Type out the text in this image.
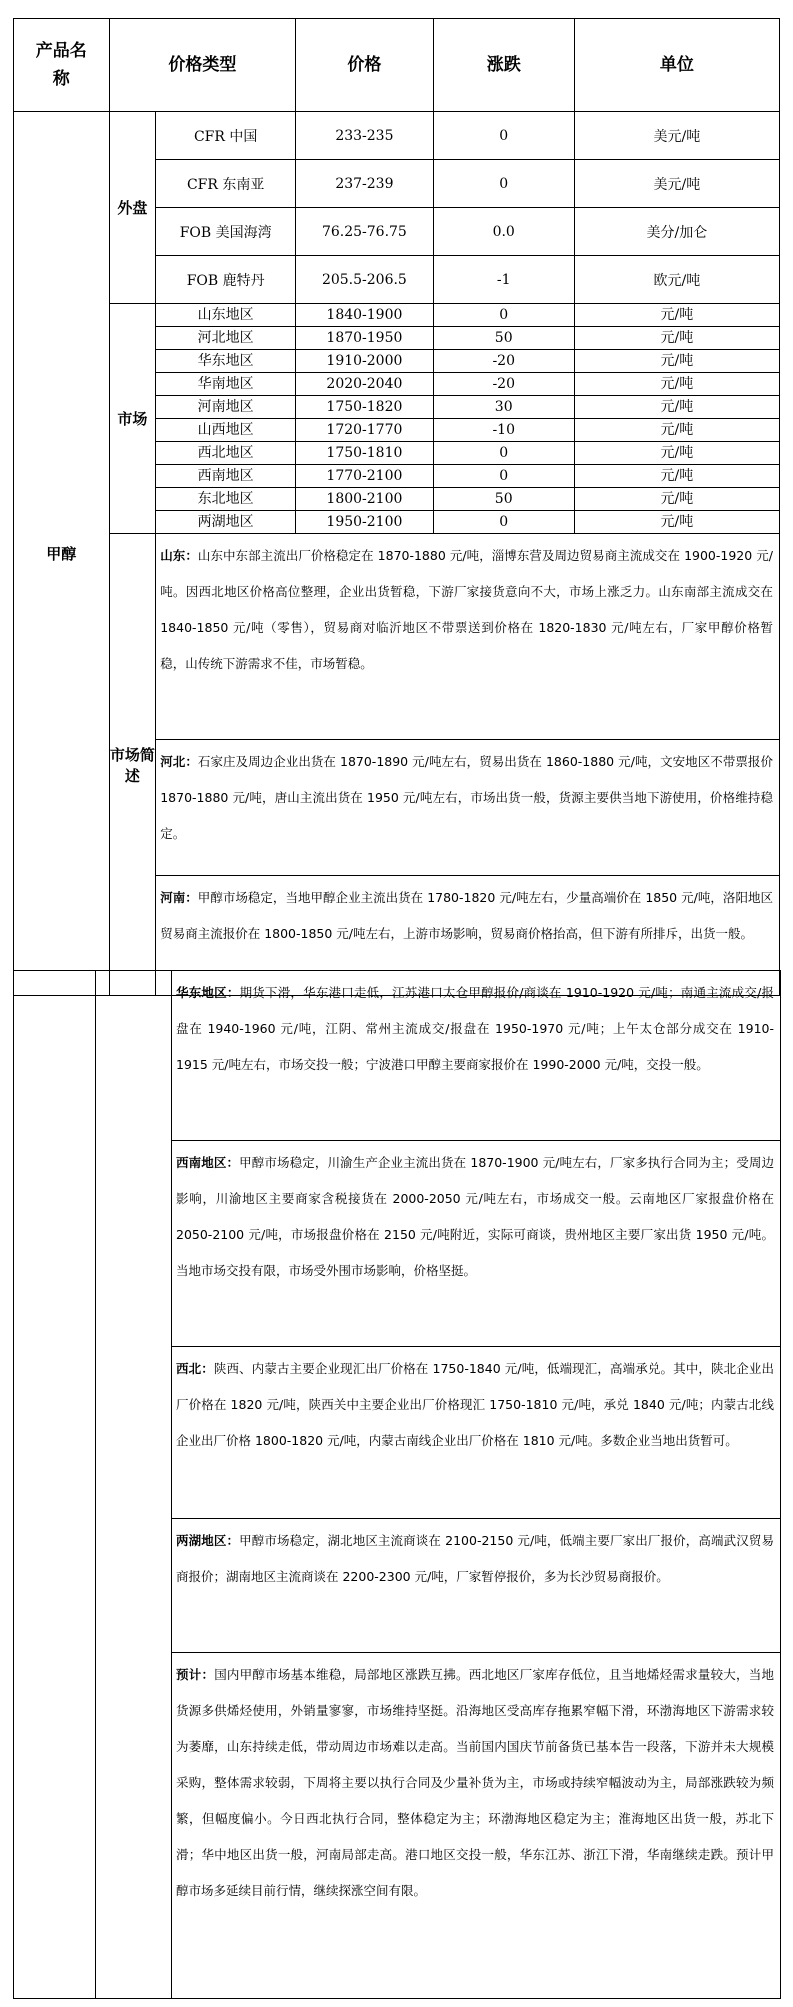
产品名称	价格类型		价格	涨跌	单位
甲醇	外盘	CFR 中国	233-235	0	美元/吨
		CFR 东南亚	237-239	0	美元/吨
		FOB 美国海湾	76.25-76.75	0.0	美分/加仑
		FOB 鹿特丹	205.5-206.5	-1	欧元/吨
	市场	山东地区	1840-1900	0	元/吨
		河北地区	1870-1950	50	元/吨
		华东地区	1910-2000	-20	元/吨
		华南地区	2020-2040	-20	元/吨
		河南地区	1750-1820	30	元/吨
		山西地区	1720-1770	-10	元/吨
		西北地区	1750-1810	0	元/吨
		西南地区	1770-2100	0	元/吨
		东北地区	1800-2100	50	元/吨
		两湖地区	1950-2100	0	元/吨
	市场简述	山东：山东中东部主流出厂价格稳定在 1870-1880 元/吨，淄博东营及周边贸易商主流成交在 1900-1920 元/吨。因西北地区价格高位整理，企业出货暂稳，下游厂家接货意向不大，市场上涨乏力。山东南部主流成交在 1840-1850 元/吨（零售），贸易商对临沂地区不带票送到价格在 1820-1830 元/吨左右，厂家甲醇价格暂稳，山传统下游需求不佳，市场暂稳。			
		河北：石家庄及周边企业出货在 1870-1890 元/吨左右，贸易出货在 1860-1880 元/吨，文安地区不带票报价 1870-1880 元/吨，唐山主流出货在 1950 元/吨左右，市场出货一般，货源主要供当地下游使用，价格维持稳定。			
		河南：甲醇市场稳定，当地甲醇企业主流出货在 1780-1820 元/吨左右，少量高端价在 1850 元/吨，洛阳地区贸易商主流报价在 1800-1850 元/吨左右，上游市场影响，贸易商价格抬高，但下游有所排斥，出货一般。			
		华东地区：期货下滑，华东港口走低，江苏港口太仓甲醇报价/商谈在 1910-1920 元/吨；南通主流成交/报盘在 1940-1960 元/吨，江阴、常州主流成交/报盘在 1950-1970 元/吨；上午太仓部分成交在 1910-1915 元/吨左右，市场交投一般；宁波港口甲醇主要商家报价在 1990-2000 元/吨，交投一般。
西南地区：甲醇市场稳定，川渝生产企业主流出货在 1870-1900 元/吨左右，厂家多执行合同为主；受周边影响，川渝地区主要商家含税接货在 2000-2050 元/吨左右，市场成交一般。云南地区厂家报盘价格在 2050-2100 元/吨，市场报盘价格在 2150 元/吨附近，实际可商谈，贵州地区主要厂家出货 1950 元/吨。当地市场交投有限，市场受外围市场影响，价格坚挺。
西北：陕西、内蒙古主要企业现汇出厂价格在 1750-1840 元/吨，低端现汇，高端承兑。其中，陕北企业出厂价格在 1820 元/吨，陕西关中主要企业出厂价格现汇 1750-1810 元/吨，承兑 1840 元/吨；内蒙古北线企业出厂价格 1800-1820 元/吨，内蒙古南线企业出厂价格在 1810 元/吨。多数企业当地出货暂可。
两湖地区：甲醇市场稳定，湖北地区主流商谈在 2100-2150 元/吨，低端主要厂家出厂报价，高端武汉贸易商报价；湖南地区主流商谈在 2200-2300 元/吨，厂家暂停报价，多为长沙贸易商报价。
预计：国内甲醇市场基本维稳，局部地区涨跌互拂。西北地区厂家库存低位，且当地烯烃需求量较大，当地货源多供烯烃使用，外销量寥寥，市场维持坚挺。沿海地区受高库存拖累窄幅下滑，环渤海地区下游需求较为萎靡，山东持续走低，带动周边市场难以走高。当前国内国庆节前备货已基本告一段落，下游并未大规模采购，整体需求较弱，下周将主要以执行合同及少量补货为主，市场或持续窄幅波动为主，局部涨跌较为频繁，但幅度偏小。今日西北执行合同，整体稳定为主；环渤海地区稳定为主；淮海地区出货一般，苏北下滑；华中地区出货一般，河南局部走高。港口地区交投一般，华东江苏、浙江下滑，华南继续走跌。预计甲醇市场多延续目前行情，继续探涨空间有限。
